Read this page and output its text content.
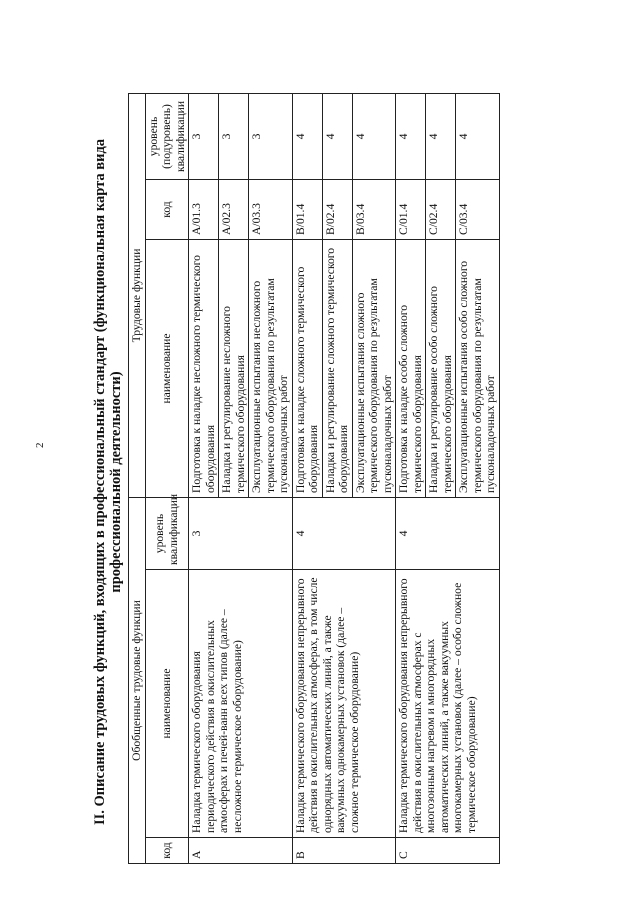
2	II. Описание трудовых функций, входящих в профессиональный стандарт (функциональная карта вида профессиональной деятельности)
Обобщенные трудовые функции			Трудовые функции		
код	наименование	уровень квалификации	наименование	код	уровень (подуровень) квалификации
A	Наладка термического оборудования периодического действия в окислительных атмосферах и печей-ванн всех типов (далее – несложное термическое оборудование)	3	Подготовка к наладке несложного термического оборудования	A/01.3	3
			Наладка и регулирование несложного термического оборудования	A/02.3	3
			Эксплуатационные испытания несложного термического оборудования по результатам пусконаладочных работ	A/03.3	3
B	Наладка термического оборудования непрерывного действия в окислительных атмосферах, в том числе однорядных автоматических линий, а также вакуумных однокамерных установок (далее – сложное термическое оборудование)	4	Подготовка к наладке сложного термического оборудования	B/01.4	4
			Наладка и регулирование сложного термического оборудования	B/02.4	4
			Эксплуатационные испытания сложного термического оборудования по результатам пусконаладочных работ	B/03.4	4
C	Наладка термического оборудования непрерывного действия в окислительных атмосферах с многозонным нагревом и многорядных автоматических линий, а также вакуумных многокамерных установок (далее – особо сложное термическое оборудование)	4	Подготовка к наладке особо сложного термического оборудования	C/01.4	4
			Наладка и регулирование особо сложного термического оборудования	C/02.4	4
			Эксплуатационные испытания особо сложного термического оборудования по результатам пусконаладочных работ	C/03.4	4
